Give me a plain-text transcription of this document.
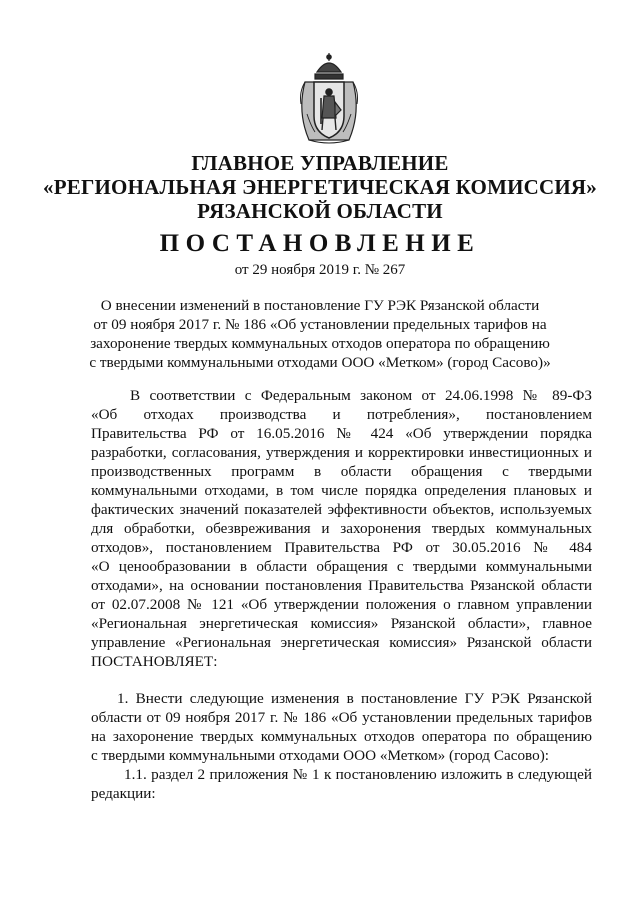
ГЛАВНОЕ УПРАВЛЕНИЕ
«РЕГИОНАЛЬНАЯ ЭНЕРГЕТИЧЕСКАЯ КОМИССИЯ»
РЯЗАНСКОЙ ОБЛАСТИ
ПОСТАНОВЛЕНИЕ
от 29 ноября 2019 г. № 267
О внесении изменений в постановление ГУ РЭК Рязанской области
от 09 ноября 2017 г. № 186 «Об установлении предельных тарифов на
захоронение твердых коммунальных отходов оператора по обращению
с твердыми коммунальными отходами ООО «Метком» (город Сасово)»
В соответствии с Федеральным законом от 24.06.1998 № 89-ФЗ
«Об отходах производства и потребления», постановлением
Правительства РФ от 16.05.2016 № 424 «Об утверждении порядка
разработки, согласования, утверждения и корректировки инвестиционных и
производственных программ в области обращения с твердыми
коммунальными отходами, в том числе порядка определения плановых и
фактических значений показателей эффективности объектов, используемых
для обработки, обезвреживания и захоронения твердых коммунальных
отходов», постановлением Правительства РФ от 30.05.2016 № 484
«О ценообразовании в области обращения с твердыми коммунальными
отходами», на основании постановления Правительства Рязанской области
от 02.07.2008 № 121 «Об утверждении положения о главном управлении
«Региональная энергетическая комиссия» Рязанской области», главное
управление «Региональная энергетическая комиссия» Рязанской области
ПОСТАНОВЛЯЕТ:
1. Внести следующие изменения в постановление ГУ РЭК Рязанской
области от 09 ноября 2017 г. № 186 «Об установлении предельных тарифов
на захоронение твердых коммунальных отходов оператора по обращению
с твердыми коммунальными отходами ООО «Метком» (город Сасово):
1.1. раздел 2 приложения № 1 к постановлению изложить в следующей
редакции:
